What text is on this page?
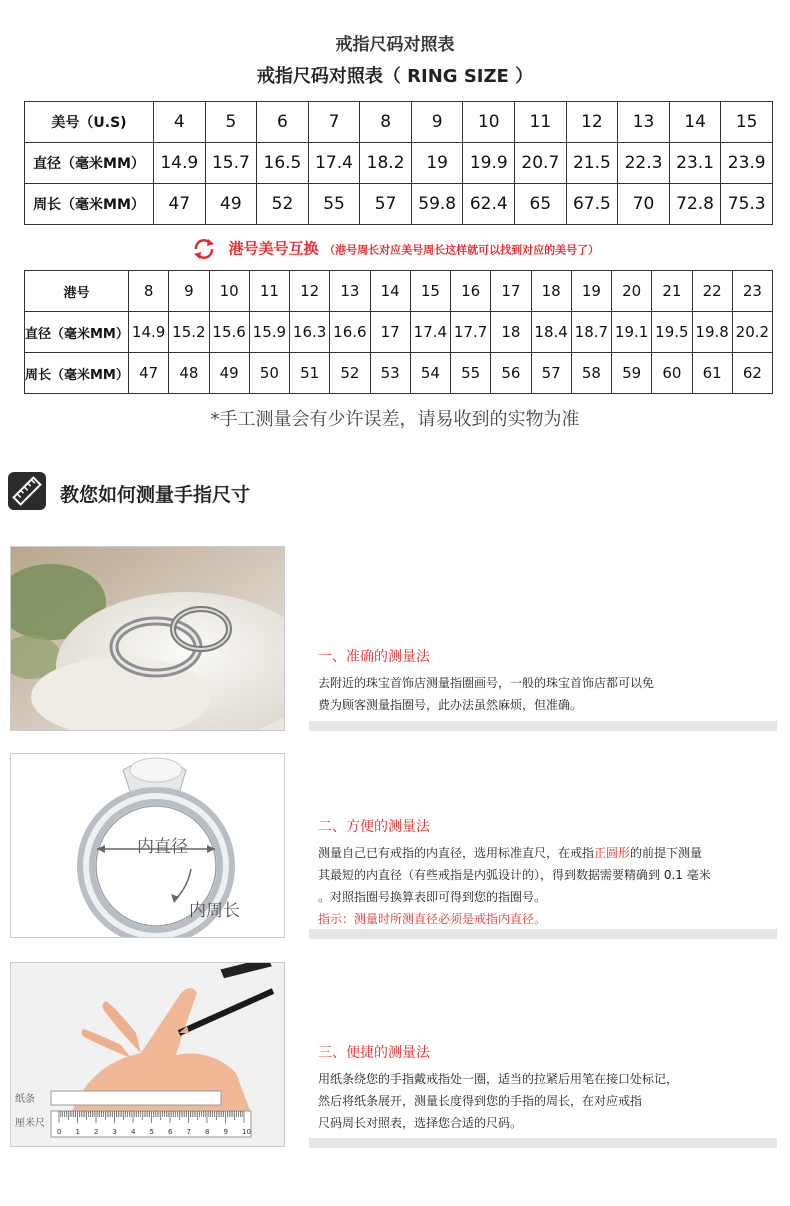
戒指尺码对照表
戒指尺码对照表（ RING SIZE ）
美号（U.S)	4	5	6	7	8	9	10	11	12	13	14	15
直径（毫米MM）	14.9	15.7	16.5	17.4	18.2	19	19.9	20.7	21.5	22.3	23.1	23.9
周长（毫米MM）	47	49	52	55	57	59.8	62.4	65	67.5	70	72.8	75.3
港号美号互换 （港号周长对应美号周长这样就可以找到对应的美号了）
港号	8	9	10	11	12	13	14	15	16	17	18	19	20	21	22	23
直径（毫米MM）	14.9	15.2	15.6	15.9	16.3	16.6	17	17.4	17.7	18	18.4	18.7	19.1	19.5	19.8	20.2
周长（毫米MM）	47	48	49	50	51	52	53	54	55	56	57	58	59	60	61	62
*手工测量会有少许误差，请易收到的实物为准
教您如何测量手指尺寸
一、准确的测量法
去附近的珠宝首饰店测量指圈画号，一般的珠宝首饰店都可以免
费为顾客测量指圈号，此办法虽然麻烦，但准确。
内直径
内周长
二、方便的测量法
测量自己已有戒指的内直径，选用标准直尺，在戒指正圆形的前提下测量
其最短的内直径（有些戒指是内弧设计的），得到数据需要精确到 0.1 毫米
。对照指圈号换算表即可得到您的指圈号。
指示：测量时所测直径必须是戒指内直径。
纸条
厘米尺
0 1 2 3 4 5 6 7 8 9 10
三、便捷的测量法
用纸条绕您的手指戴戒指处一圈，适当的拉紧后用笔在接口处标记，
然后将纸条展开，测量长度得到您的手指的周长，在对应戒指
尺码周长对照表，选择您合适的尺码。
